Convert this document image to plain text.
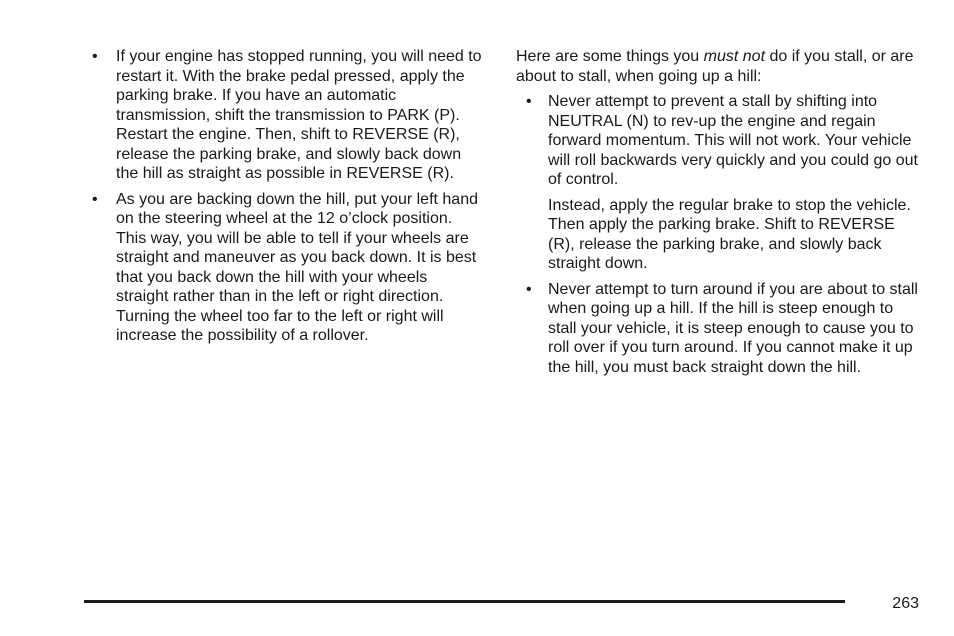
•	If your engine has stopped running, you will need to restart it. With the brake pedal pressed, apply the parking brake. If you have an automatic transmission, shift the transmission to PARK (P). Restart the engine. Then, shift to REVERSE (R), release the parking brake, and slowly back down the hill as straight as possible in REVERSE (R).
•	As you are backing down the hill, put your left hand on the steering wheel at the 12 o’clock position. This way, you will be able to tell if your wheels are straight and maneuver as you back down. It is best that you back down the hill with your wheels straight rather than in the left or right direction. Turning the wheel too far to the left or right will increase the possibility of a rollover.

Here are some things you must not do if you stall, or are about to stall, when going up a hill:

•	Never attempt to prevent a stall by shifting into NEUTRAL (N) to rev-up the engine and regain forward momentum. This will not work. Your vehicle will roll backwards very quickly and you could go out of control.

Instead, apply the regular brake to stop the vehicle. Then apply the parking brake. Shift to REVERSE (R), release the parking brake, and slowly back straight down.

•	Never attempt to turn around if you are about to stall when going up a hill. If the hill is steep enough to stall your vehicle, it is steep enough to cause you to roll over if you turn around. If you cannot make it up the hill, you must back straight down the hill.
263
